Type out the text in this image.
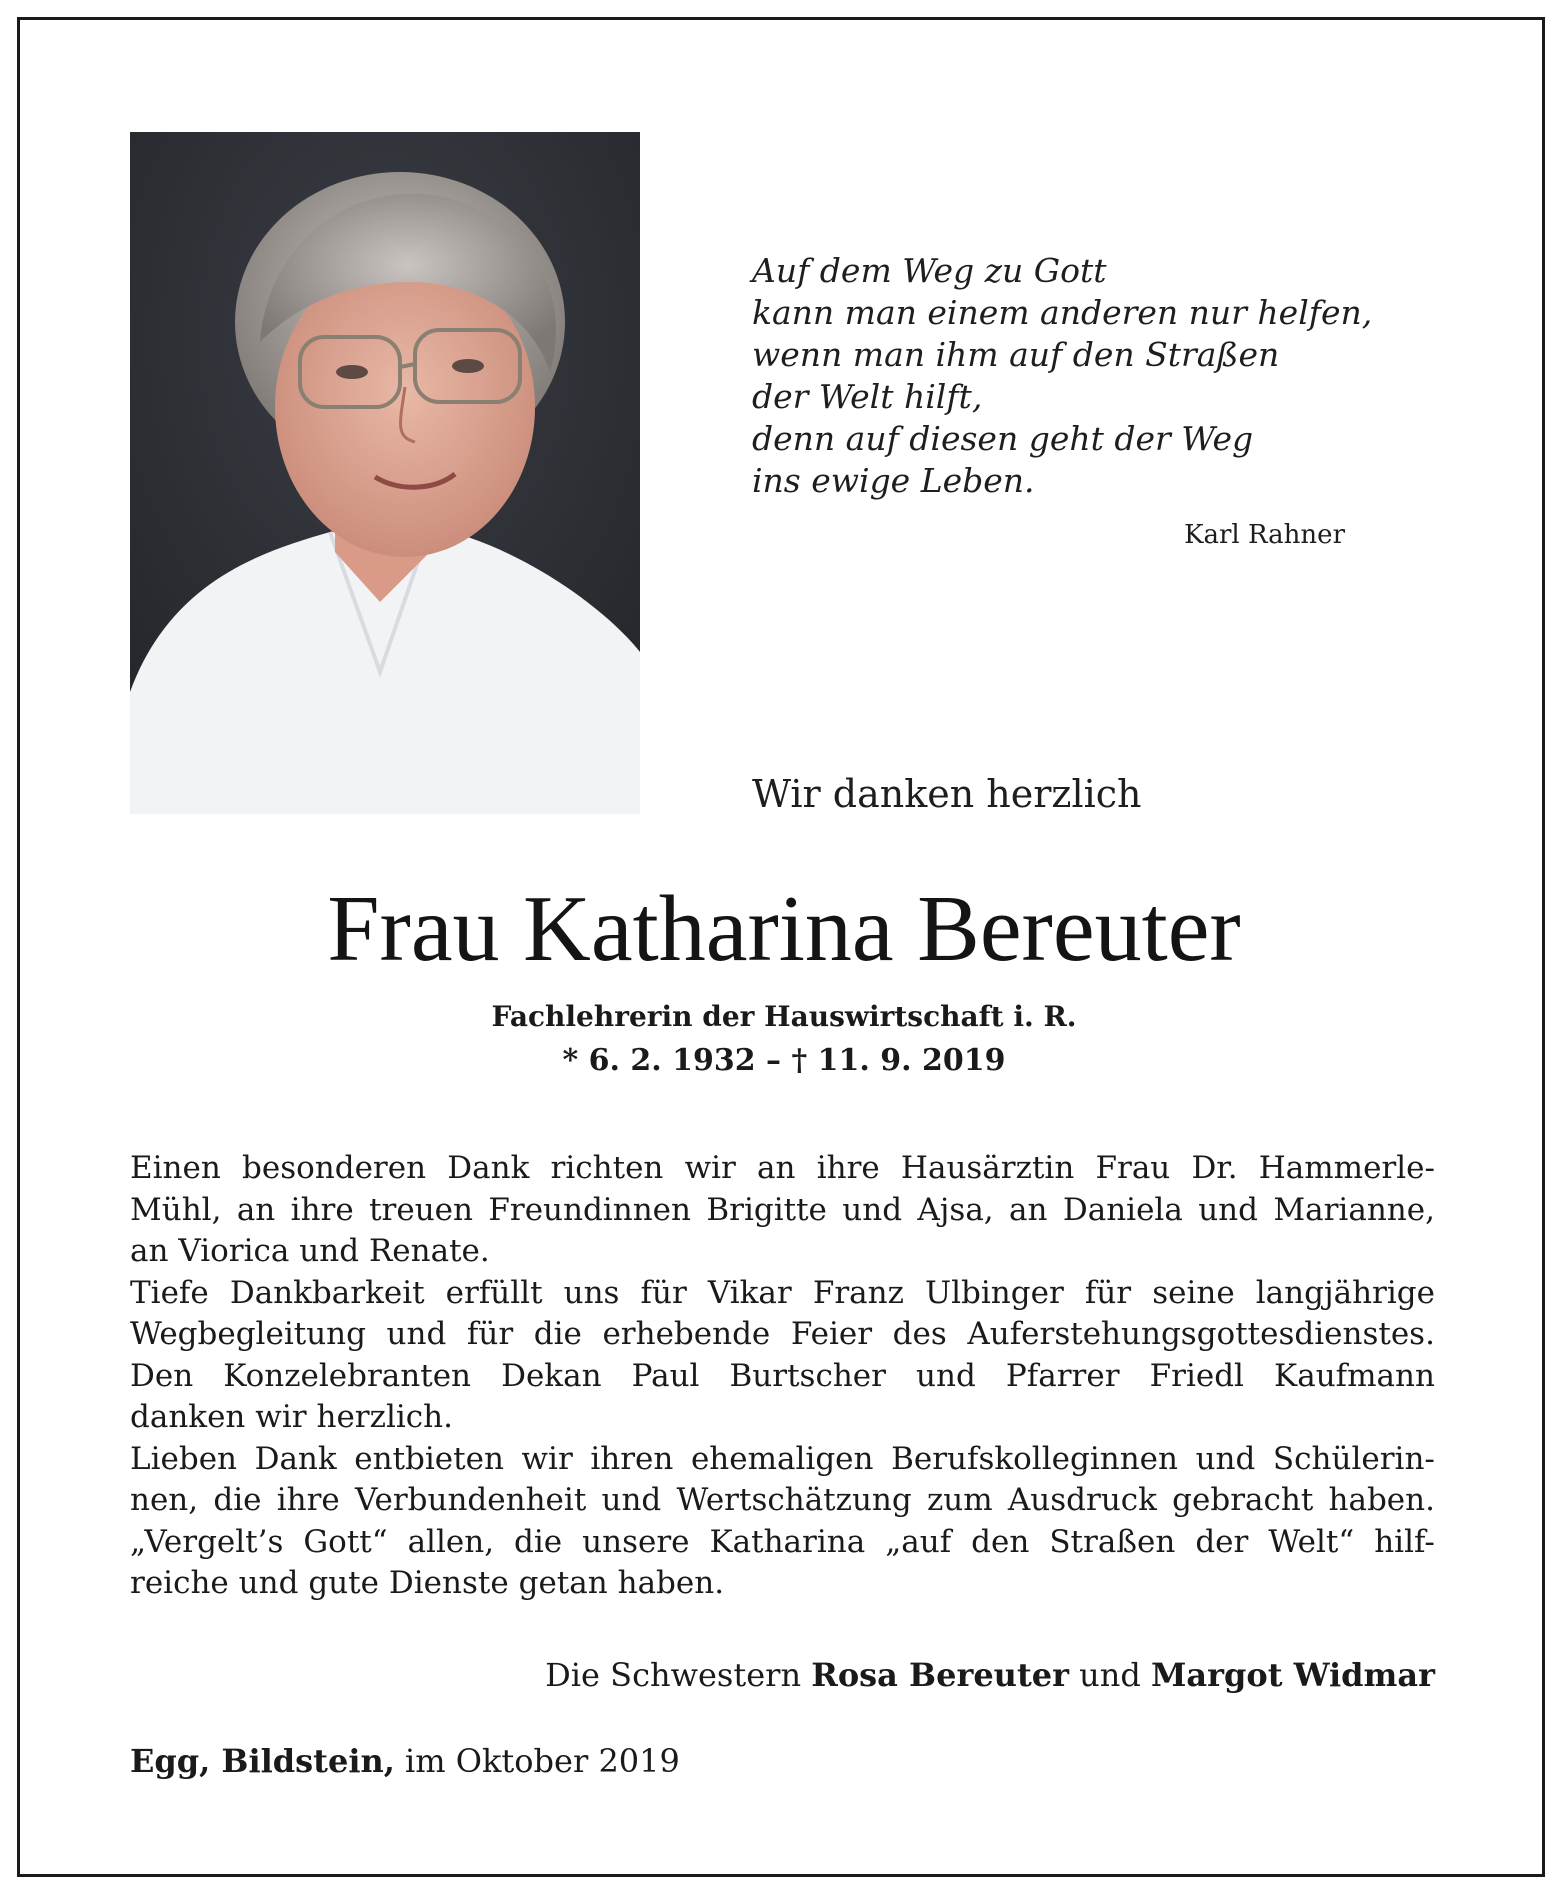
Auf dem Weg zu Gott
kann man einem anderen nur helfen,
wenn man ihm auf den Straßen
der Welt hilft,
denn auf diesen geht der Weg
ins ewige Leben.
Karl Rahner
Wir danken herzlich
Frau Katharina Bereuter
Fachlehrerin der Hauswirtschaft i. R.
* 6. 2. 1932 – † 11. 9. 2019
Einen besonderen Dank richten wir an ihre Hausärztin Frau Dr. Hammerle-
Mühl, an ihre treuen Freundinnen Brigitte und Ajsa, an Daniela und Marianne,
an Viorica und Renate.
Tiefe Dankbarkeit erfüllt uns für Vikar Franz Ulbinger für seine langjährige
Wegbegleitung und für die erhebende Feier des Auferstehungsgottesdienstes.
Den Konzelebranten Dekan Paul Burtscher und Pfarrer Friedl Kaufmann
danken wir herzlich.
Lieben Dank entbieten wir ihren ehemaligen Berufskolleginnen und Schülerin-
nen, die ihre Verbundenheit und Wertschätzung zum Ausdruck gebracht haben.
„Vergelt’s Gott“ allen, die unsere Katharina „auf den Straßen der Welt“ hilf-
reiche und gute Dienste getan haben.
Die Schwestern Rosa Bereuter und Margot Widmar
Egg, Bildstein, im Oktober 2019
